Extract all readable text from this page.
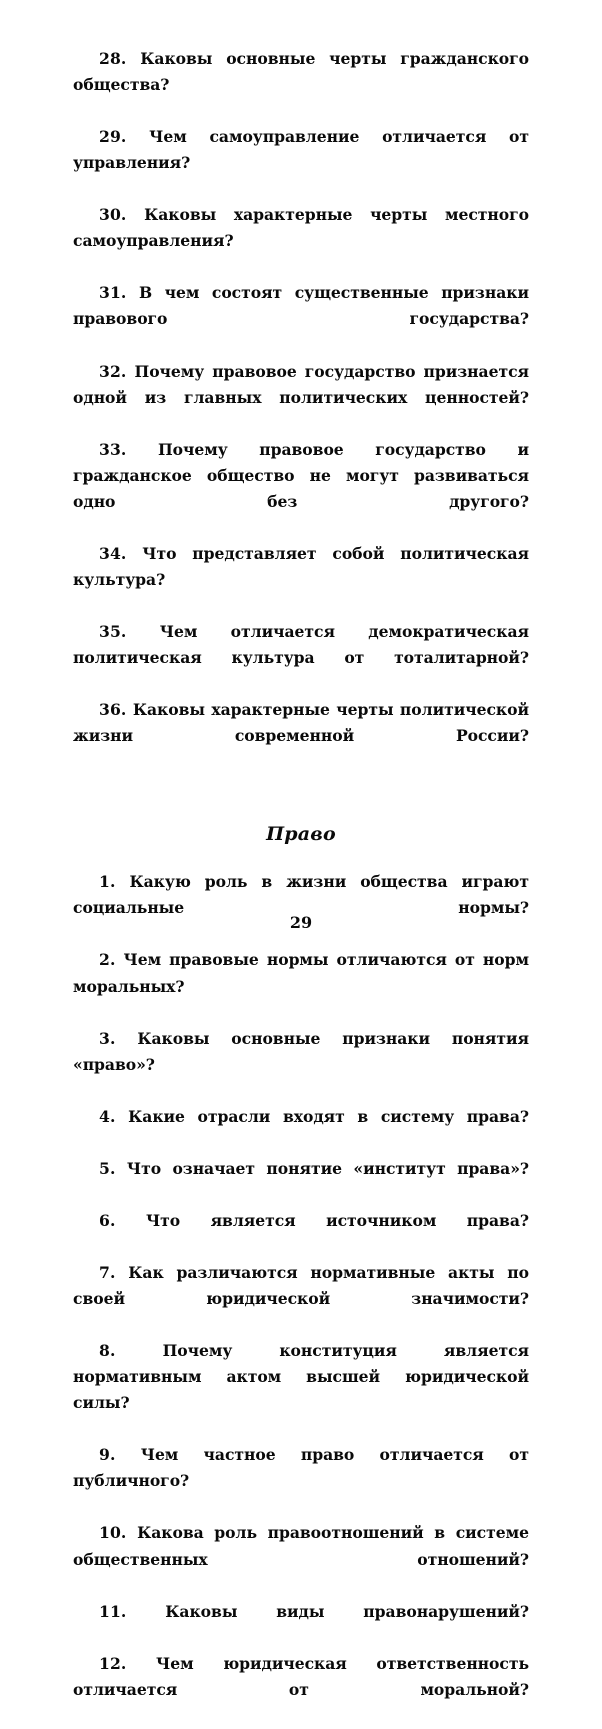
28. Каковы основные черты гражданского общества?

29. Чем самоуправление отличается от управления?

30. Каковы характерные черты местного самоуправления?

31. В чем состоят существенные признаки правового государства?

32. Почему правовое государство признается одной из главных политических ценностей?

33. Почему правовое государство и гражданское общество не могут развиваться одно без другого?

34. Что представляет собой политическая культура?

35. Чем отличается демократическая политическая культура от тоталитарной?

36. Каковы характерные черты политической жизни современной России?

Право

1. Какую роль в жизни общества играют социальные нормы?

2. Чем правовые нормы отличаются от норм моральных?

3. Каковы основные признаки понятия «право»?

4. Какие отрасли входят в систему права?

5. Что означает понятие «институт права»?

6. Что является источником права?

7. Как различаются нормативные акты по своей юридической значимости?

8.	Почему конституция является нормативным актом высшей юридической силы?

9. Чем частное право отличается от публичного?

10. Какова роль правоотношений в системе общественных отношений?

11. Каковы виды правонарушений?

12. Чем юридическая ответственность отличается от моральной?

29
